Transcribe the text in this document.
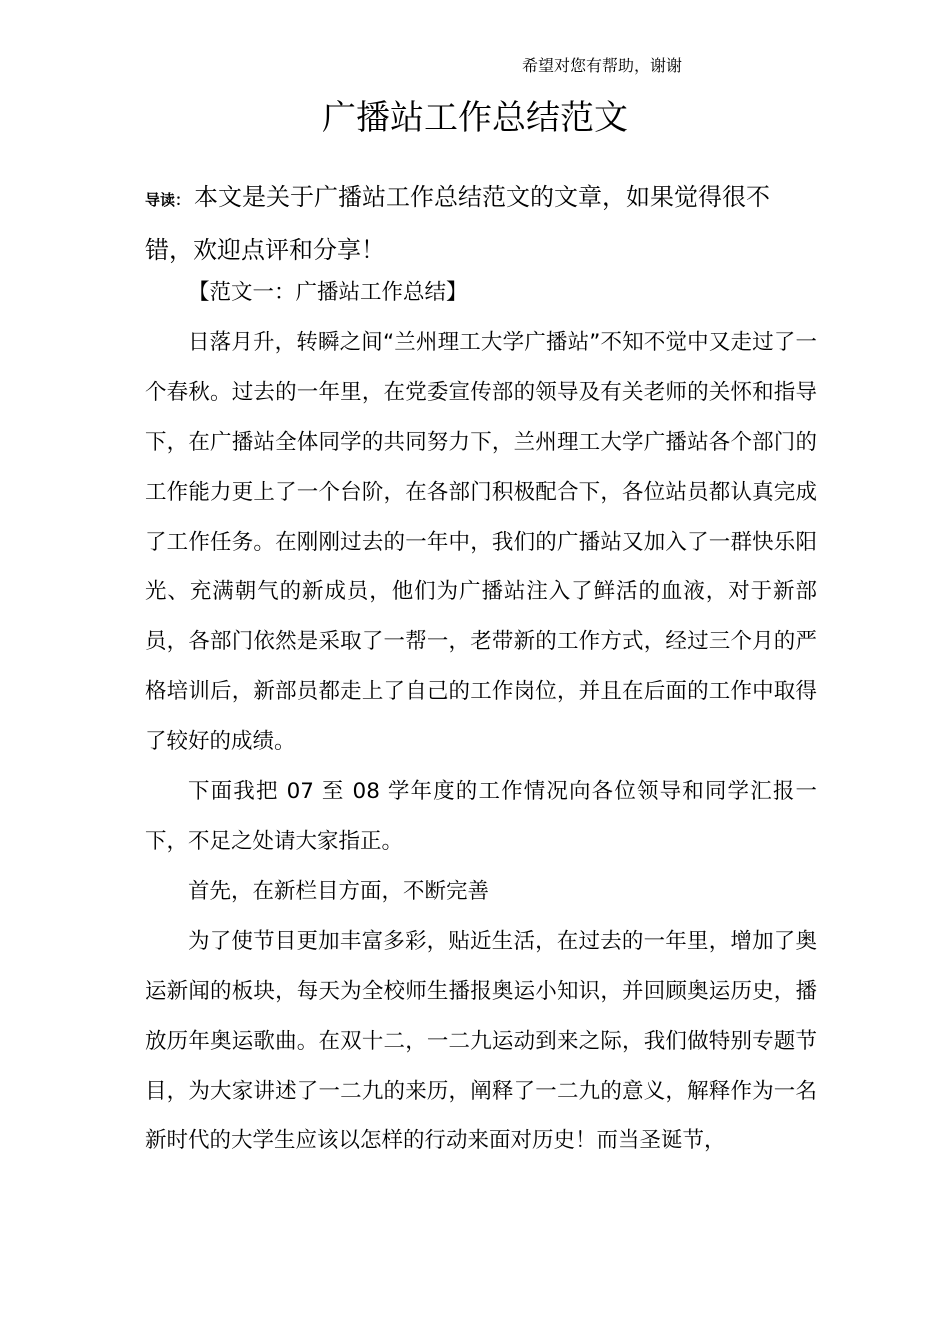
希望对您有帮助，谢谢
广播站工作总结范文

导读： 本文是关于广播站工作总结范文的文章，如果觉得很不错，欢迎点评和分享！

【范文一：广播站工作总结】

日落月升，转瞬之间“兰州理工大学广播站”不知不觉中又走过了一个春秋。过去的一年里，在党委宣传部的领导及有关老师的关怀和指导下，在广播站全体同学的共同努力下，兰州理工大学广播站各个部门的工作能力更上了一个台阶，在各部门积极配合下，各位站员都认真完成了工作任务。在刚刚过去的一年中，我们的广播站又加入了一群快乐阳光、充满朝气的新成员，他们为广播站注入了鲜活的血液，对于新部员，各部门依然是采取了一帮一，老带新的工作方式，经过三个月的严格培训后，新部员都走上了自己的工作岗位，并且在后面的工作中取得了较好的成绩。

下面我把 07 至 08 学年度的工作情况向各位领导和同学汇报一下，不足之处请大家指正。

首先，在新栏目方面，不断完善

为了使节目更加丰富多彩，贴近生活，在过去的一年里，增加了奥运新闻的板块，每天为全校师生播报奥运小知识，并回顾奥运历史，播放历年奥运歌曲。在双十二，一二九运动到来之际，我们做特别专题节目，为大家讲述了一二九的来历，阐释了一二九的意义，解释作为一名新时代的大学生应该以怎样的行动来面对历史！而当圣诞节，
